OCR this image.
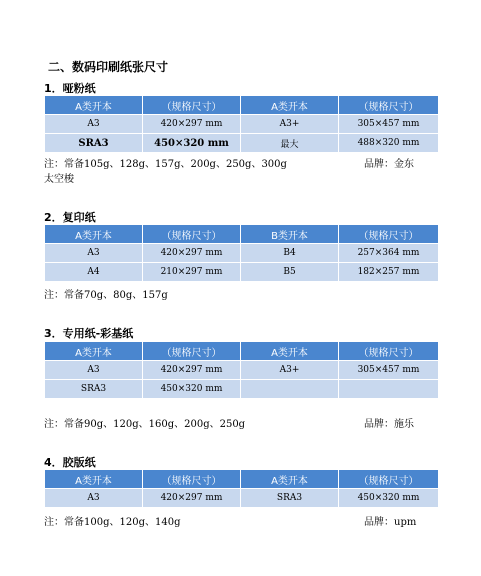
二、数码印刷纸张尺寸
1．哑粉纸
A类开本	（规格尺寸）	A类开本	（规格尺寸）
A3	420×297 mm	A3+	305×457 mm
SRA3	450×320 mm	最大	488×320 mm
注：常备105g、128g、157g、200g、250g、300g	品牌：金东
太空梭
2．复印纸
A类开本	（规格尺寸）	B类开本	（规格尺寸）
A3	420×297 mm	B4	257×364 mm
A4	210×297 mm	B5	182×257 mm
注：常备70g、80g、157g
3．专用纸-彩基纸
A类开本	（规格尺寸）	A类开本	（规格尺寸）
A3	420×297 mm	A3+	305×457 mm
SRA3	450×320 mm		
注：常备90g、120g、160g、200g、250g	品牌：施乐
4．胶版纸
A类开本	（规格尺寸）	A类开本	（规格尺寸）
A3	420×297 mm	SRA3	450×320 mm
注：常备100g、120g、140g	品牌：upm
